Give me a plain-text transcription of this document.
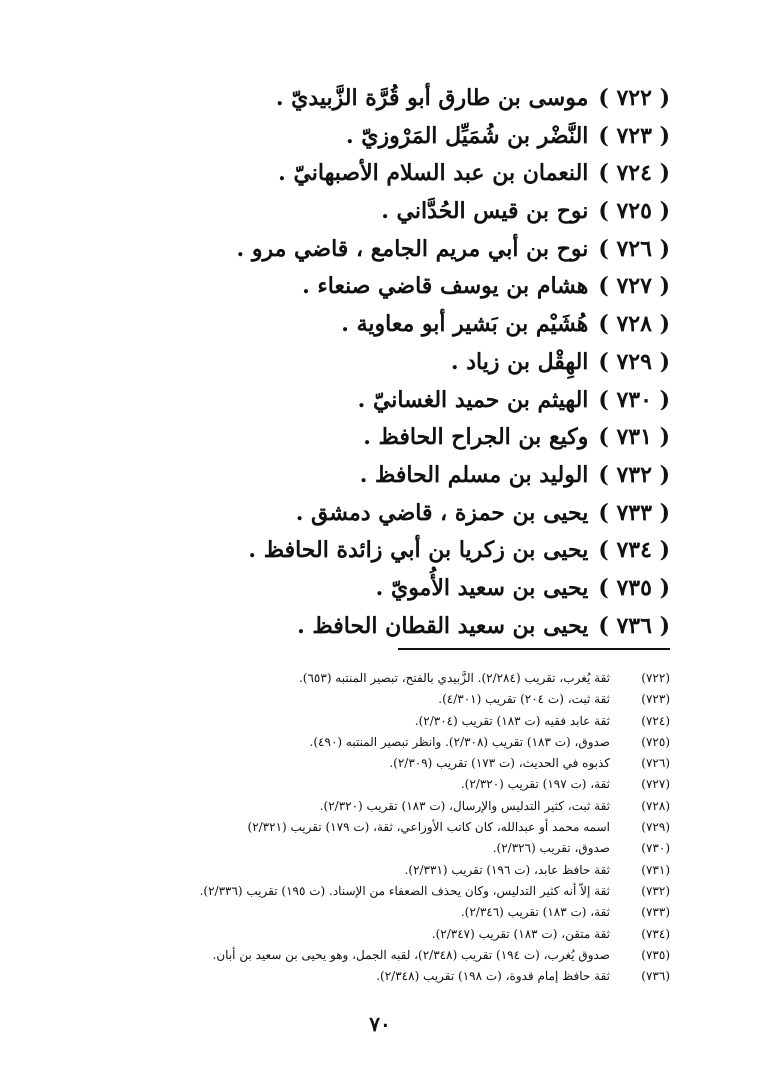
( ٧٢٢ )موسى بن طارق أبو قُرَّة الزَّبيديّ .
( ٧٢٣ )النَّضْر بن شُمَيِّل المَرْوزيّ .
( ٧٢٤ )النعمان بن عبد السلام الأصبهانيّ .
( ٧٢٥ )نوح بن قيس الحُدَّاني .
( ٧٢٦ )نوح بن أبي مريم الجامع ، قاضي مرو .
( ٧٢٧ )هشام بن يوسف قاضي صنعاء .
( ٧٢٨ )هُشَيْم بن بَشير أبو معاوية .
( ٧٢٩ )الهِقْل بن زياد .
( ٧٣٠ )الهيثم بن حميد الغسانيّ .
( ٧٣١ )وكيع بن الجراح الحافظ .
( ٧٣٢ )الوليد بن مسلم الحافظ .
( ٧٣٣ )يحيى بن حمزة ، قاضي دمشق .
( ٧٣٤ )يحيى بن زكريا بن أبي زائدة الحافظ .
( ٧٣٥ )يحيى بن سعيد الأُمويّ .
( ٧٣٦ )يحيى بن سعيد القطان الحافظ .
(٧٢٢)
ثقة يُغرب، تقريب (٢/٢٨٤). الزَّبيدي بالفتح، تبصير المنتبه (٦٥٣).
(٧٢٣)
ثقة ثبت، (ت ٢٠٤) تقريب (٤/٣٠١).
(٧٢٤)
ثقة عابد فقيه (ت ١٨٣) تقريب (٢/٣٠٤).
(٧٢٥)
صدوق، (ت ١٨٣) تقريب (٢/٣٠٨). وانظر تبصير المنتبه (٤٩٠).
(٧٢٦)
كذبوه في الحديث، (ت ١٧٣) تقريب (٢/٣٠٩).
(٧٢٧)
ثقة، (ت ١٩٧) تقريب (٢/٣٢٠).
(٧٢٨)
ثقة ثبت، كثير التدليس والإرسال، (ت ١٨٣) تقريب (٢/٣٢٠).
(٧٢٩)
اسمه محمد أو عبدالله، كان كاتب الأوزاعي، ثقة، (ت ١٧٩) تقريب (٢/٣٢١)
(٧٣٠)
صدوق، تقريب (٢/٣٢٦).
(٧٣١)
ثقة حافظ عابد، (ت ١٩٦) تقريب (٢/٣٣١).
(٧٣٢)
ثقة إلاّ أنه كثير التدليس، وكان يحذف الضعفاء من الإسناد. (ت ١٩٥) تقريب (٢/٣٣٦).
(٧٣٣)
ثقة، (ت ١٨٣) تقريب (٢/٣٤٦).
(٧٣٤)
ثقة متقن، (ت ١٨٣) تقريب (٢/٣٤٧).
(٧٣٥)
صدوق يُغرب، (ت ١٩٤) تقريب (٢/٣٤٨)، لقبه الجمل، وهو يحيى بن سعيد بن أبان.
(٧٣٦)
ثقة حافظ إمام قدوة، (ت ١٩٨) تقريب (٢/٣٤٨).
٧٠
